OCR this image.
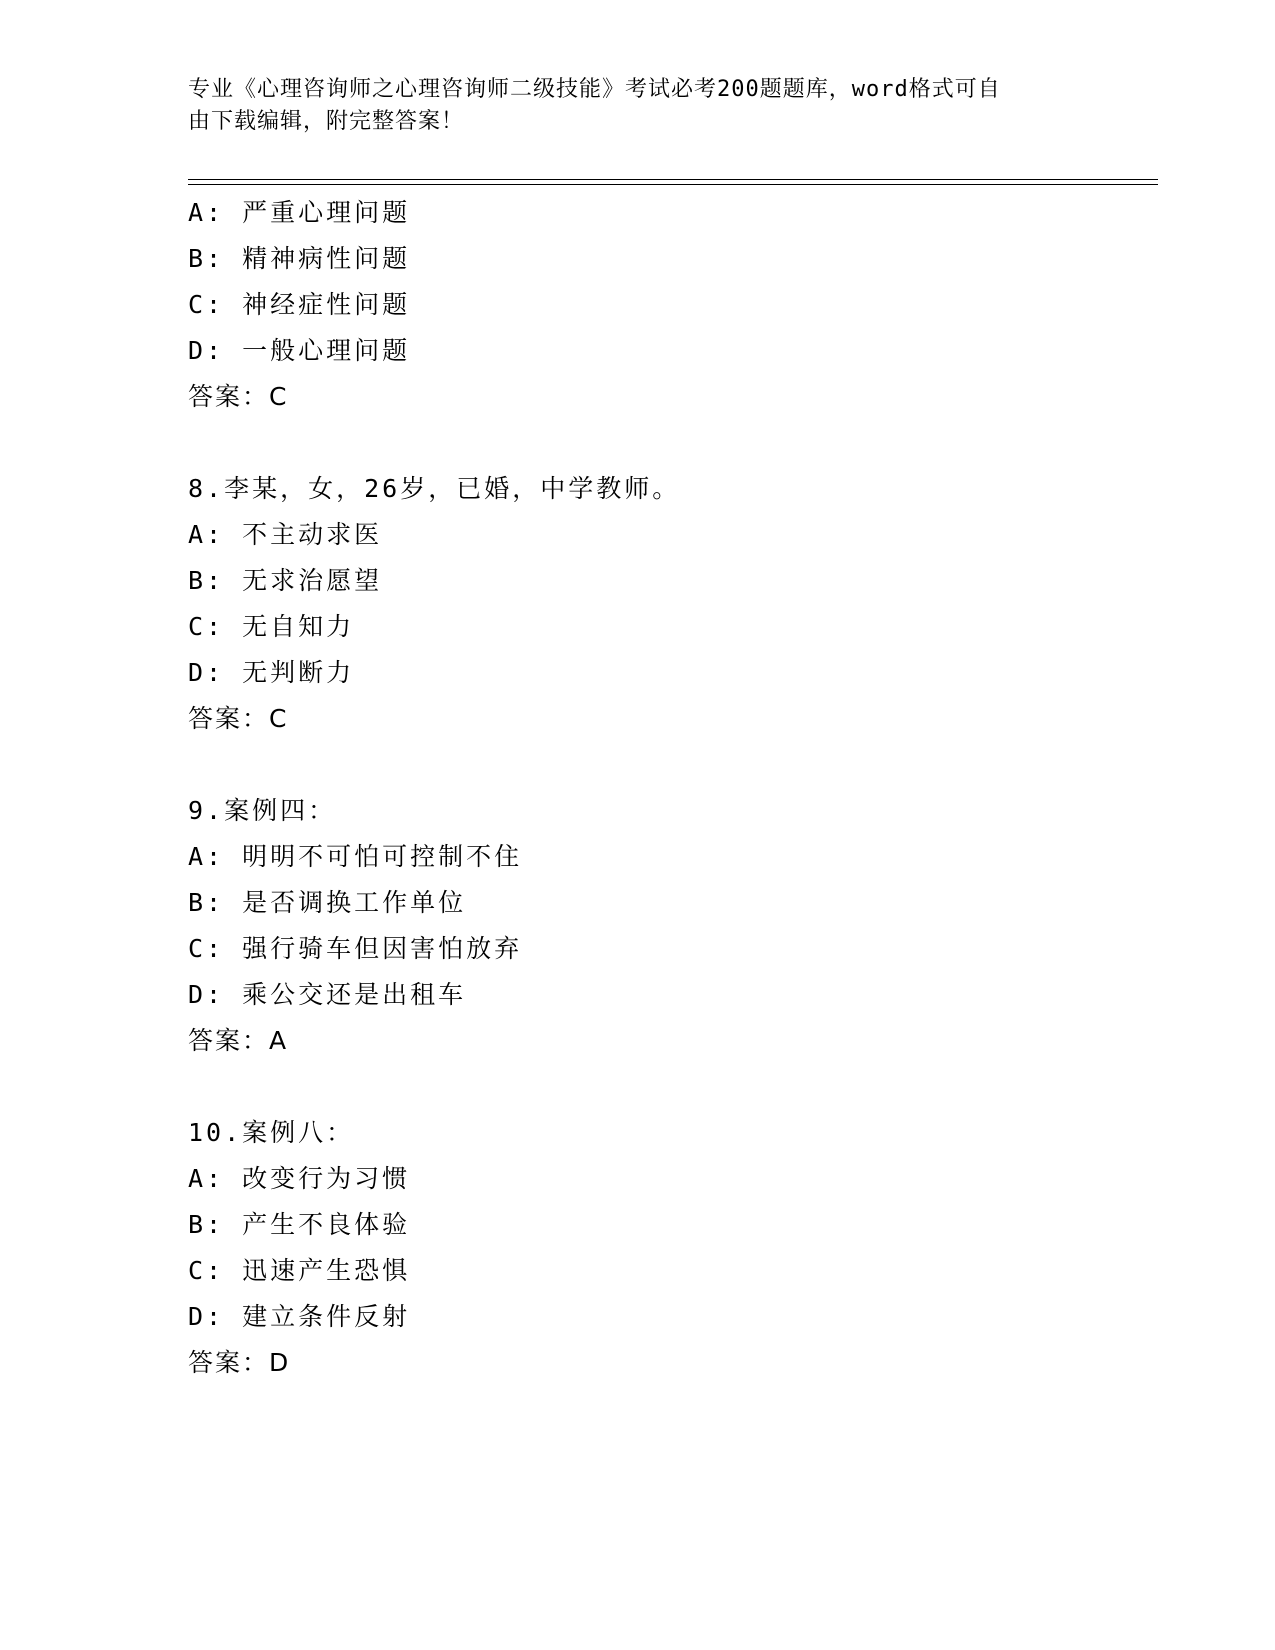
专业《心理咨询师之心理咨询师二级技能》考试必考200题题库，word格式可自
由下载编辑，附完整答案！
A: 严重心理问题
B: 精神病性问题
C: 神经症性问题
D: 一般心理问题
答案：C
8.李某，女，26岁，已婚，中学教师。
A: 不主动求医
B: 无求治愿望
C: 无自知力
D: 无判断力
答案：C
9.案例四：
A: 明明不可怕可控制不住
B: 是否调换工作单位
C: 强行骑车但因害怕放弃
D: 乘公交还是出租车
答案：A
10.案例八：
A: 改变行为习惯
B: 产生不良体验
C: 迅速产生恐惧
D: 建立条件反射
答案：D
